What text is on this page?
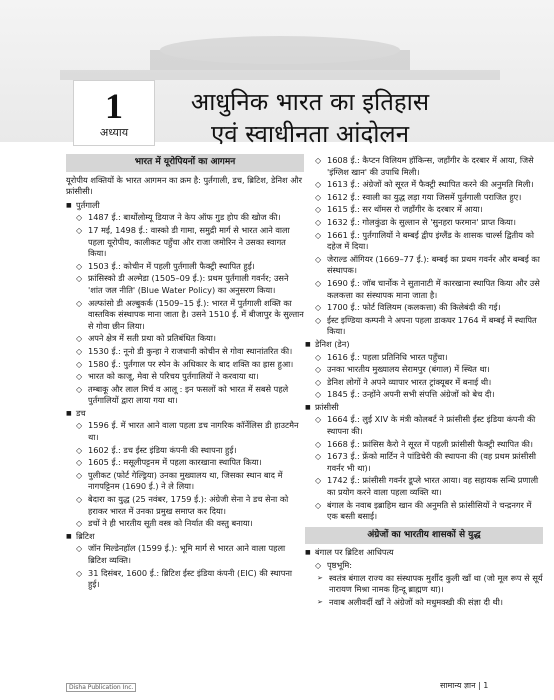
1
अध्याय
आधुनिक भारत का इतिहास
एवं स्वाधीनता आंदोलन
भारत में यूरोपियनों का आगमन
यूरोपीय शक्तियों के भारत आगमन का क्रम है: पुर्तगाली, डच, ब्रिटिश, डेनिश और फ्रांसीसी।
■ पुर्तगाली
◇ 1487 ई.: बार्थोलोम्यू डियाज ने केप ऑफ गुड होप की खोज की।
◇ 17 मई, 1498 ई.: वास्को डी गामा, समुद्री मार्ग से भारत आने वाला पहला यूरोपीय, कालीकट पहुँचा और राजा जमोरिन ने उसका स्वागत किया।
◇ 1503 ई.: कोचीन में पहली पुर्तगाली फैक्ट्री स्थापित हुई।
◇ फ्रांसिस्को डी अल्मेडा (1505–09 ई.): प्रथम पुर्तगाली गवर्नर; उसने 'शांत जल नीति' (Blue Water Policy) का अनुसरण किया।
◇ अल्फांसो डी अल्बुकर्क (1509–15 ई.): भारत में पुर्तगाली शक्ति का वास्तविक संस्थापक माना जाता है। उसने 1510 ई. में बीजापुर के सुल्तान से गोवा छीन लिया।
◇ अपने क्षेत्र में सती प्रथा को प्रतिबंधित किया।
◇ 1530 ई.: नूनो डी कुन्हा ने राजधानी कोचीन से गोवा स्थानांतरित की।
◇ 1580 ई.: पुर्तगाल पर स्पेन के अधिकार के बाद शक्ति का ह्रास हुआ।
◇ भारत को काजू, मेवा से परिचय पुर्तगालियों ने करवाया था।
◇ तम्बाकू और लाल मिर्च व आलू : इन फसलों को भारत में सबसे पहले पुर्तगालियों द्वारा लाया गया था।
■ डच
◇ 1596 ई. में भारत आने वाला पहला डच नागरिक कॉर्नेलिस डी हाउटमैन था।
◇ 1602 ई.: डच ईस्ट इंडिया कंपनी की स्थापना हुई।
◇ 1605 ई.: मसूलीपट्टनम में पहला कारखाना स्थापित किया।
◇ पुलीकट (फोर्ट गेल्ड्रिया) उनका मुख्यालय था, जिसका स्थान बाद में नागपट्टिनम (1690 ई.) ने ले लिया।
◇ बेदारा का युद्ध (25 नवंबर, 1759 ई.): अंग्रेजी सेना ने डच सेना को हराकर भारत में उनका प्रमुख समाप्त कर दिया।
◇ डचों ने ही भारतीय सूती वस्त्र को निर्यात की वस्तु बनाया।
■ ब्रिटिश
◇ जॉन मिल्डेनहॉल (1599 ई.): भूमि मार्ग से भारत आने वाला पहला ब्रिटिश व्यक्ति।
◇ 31 दिसंबर, 1600 ई.: ब्रिटिश ईस्ट इंडिया कंपनी (EIC) की स्थापना हुई।
◇ 1608 ई.: कैप्टन विलियम हॉकिन्स, जहाँगीर के दरबार में आया, जिसे 'इंग्लिश खान' की उपाधि मिली।
◇ 1613 ई.: अंग्रेजों को सूरत में फैक्ट्री स्थापित करने की अनुमति मिली।
◇ 1612 ई.: स्वाली का युद्ध लड़ा गया जिसमें पुर्तगाली पराजित हुए।
◇ 1615 ई.: सर थॉमस रो जहाँगीर के दरबार में आया।
◇ 1632 ई.: गोलकुंडा के सुल्तान से 'सुनहरा फरमान' प्राप्त किया।
◇ 1661 ई.: पुर्तगालियों ने बम्बई द्वीप इंग्लैंड के शासक चार्ल्स द्वितीय को दहेज में दिया।
◇ जेराल्ड ऑगियर (1669–77 ई.): बम्बई का प्रथम गवर्नर और बम्बई का संस्थापक।
◇ 1690 ई.: जॉब चार्नोक ने सुतानाटी में कारखाना स्थापित किया और उसे कलकत्ता का संस्थापक माना जाता है।
◇ 1700 ई.: फोर्ट विलियम (कलकत्ता) की किलेबंदी की गई।
◇ ईस्ट इण्डिया कम्पनी ने अपना पहला डाकघर 1764 में बम्बई में स्थापित किया।
■ डेनिश (डेन)
◇ 1616 ई.: पहला प्रतिनिधि भारत पहुँचा।
◇ उनका भारतीय मुख्यालय सेरामपुर (बंगाल) में स्थित था।
◇ डेनिश लोगों ने अपने व्यापार भारत ट्रांक्यूबर में बनाई थी।
◇ 1845 ई.: उन्होंने अपनी सभी संपत्ति अंग्रेजों को बेच दी।
■ फ्रांसीसी
◇ 1664 ई.: लुई XIV के मंत्री कोलबर्ट ने फ्रांसीसी ईस्ट इंडिया कंपनी की स्थापना की।
◇ 1668 ई.: फ्रांसिस कैरो ने सूरत में पहली फ्रांसीसी फैक्ट्री स्थापित की।
◇ 1673 ई.: फ्रेंको मार्टिन ने पांडिचेरी की स्थापना की (वह प्रथम फ्रांसीसी गवर्नर भी था)।
◇ 1742 ई.: फ्रांसीसी गवर्नर डूप्ले भारत आया। वह सहायक सन्धि प्रणाली का प्रयोग करने वाला पहला व्यक्ति था।
◇ बंगाल के नवाब इब्राहिम खान की अनुमति से फ्रांसीसियों ने चन्द्रनगर में एक बस्ती बसाई।
अंग्रेजों का भारतीय शासकों से युद्ध
■ बंगाल पर ब्रिटिश आधिपत्य
◇ पृष्ठभूमि:
➢ स्वतंत्र बंगाल राज्य का संस्थापक मुर्शीद कुली खाँ था (जो मूल रूप से सूर्य नारायण मिश्रा नामक हिन्दू ब्राह्मण था)।
➢ नवाब अलीवर्दी खाँ ने अंग्रेजों को मधुमक्खी की संज्ञा दी थी।
Disha Publication Inc.	सामान्य ज्ञान | 1
